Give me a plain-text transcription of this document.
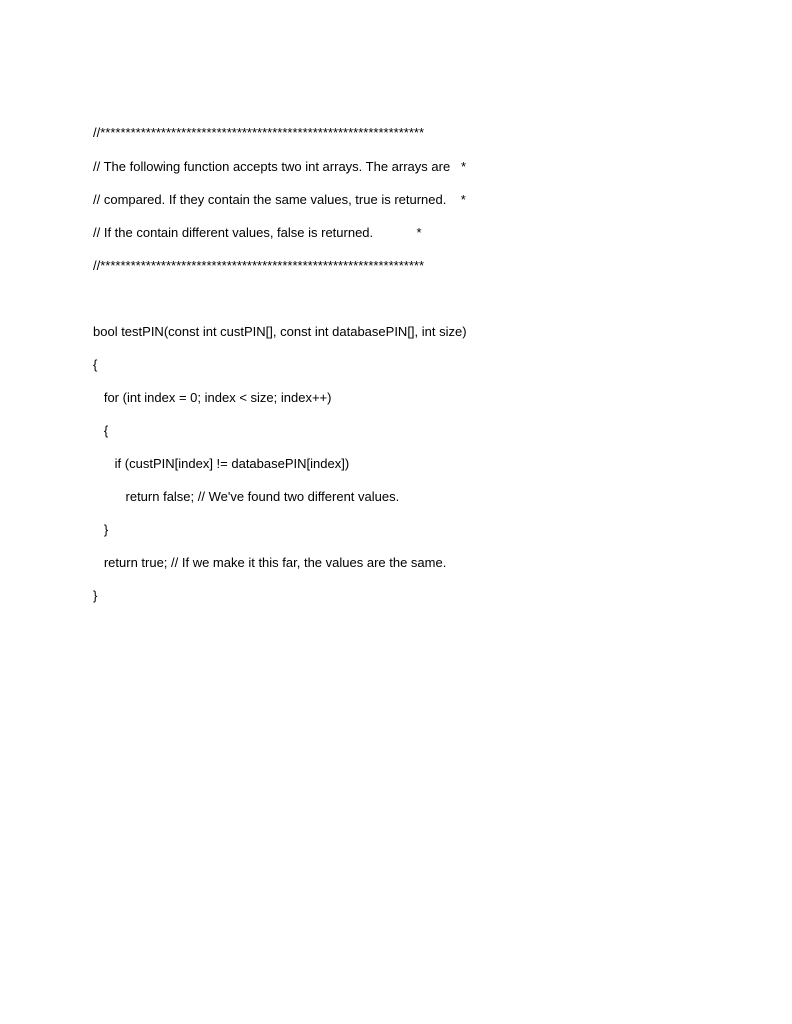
//****************************************************************
// The following function accepts two int arrays. The arrays are   *
// compared. If they contain the same values, true is returned.    *
// If the contain different values, false is returned.            *
//****************************************************************
bool testPIN(const int custPIN[], const int databasePIN[], int size)
{
for (int index = 0; index < size; index++)
{
if (custPIN[index] != databasePIN[index])
return false; // We've found two different values.
}
return true; // If we make it this far, the values are the same.
}
